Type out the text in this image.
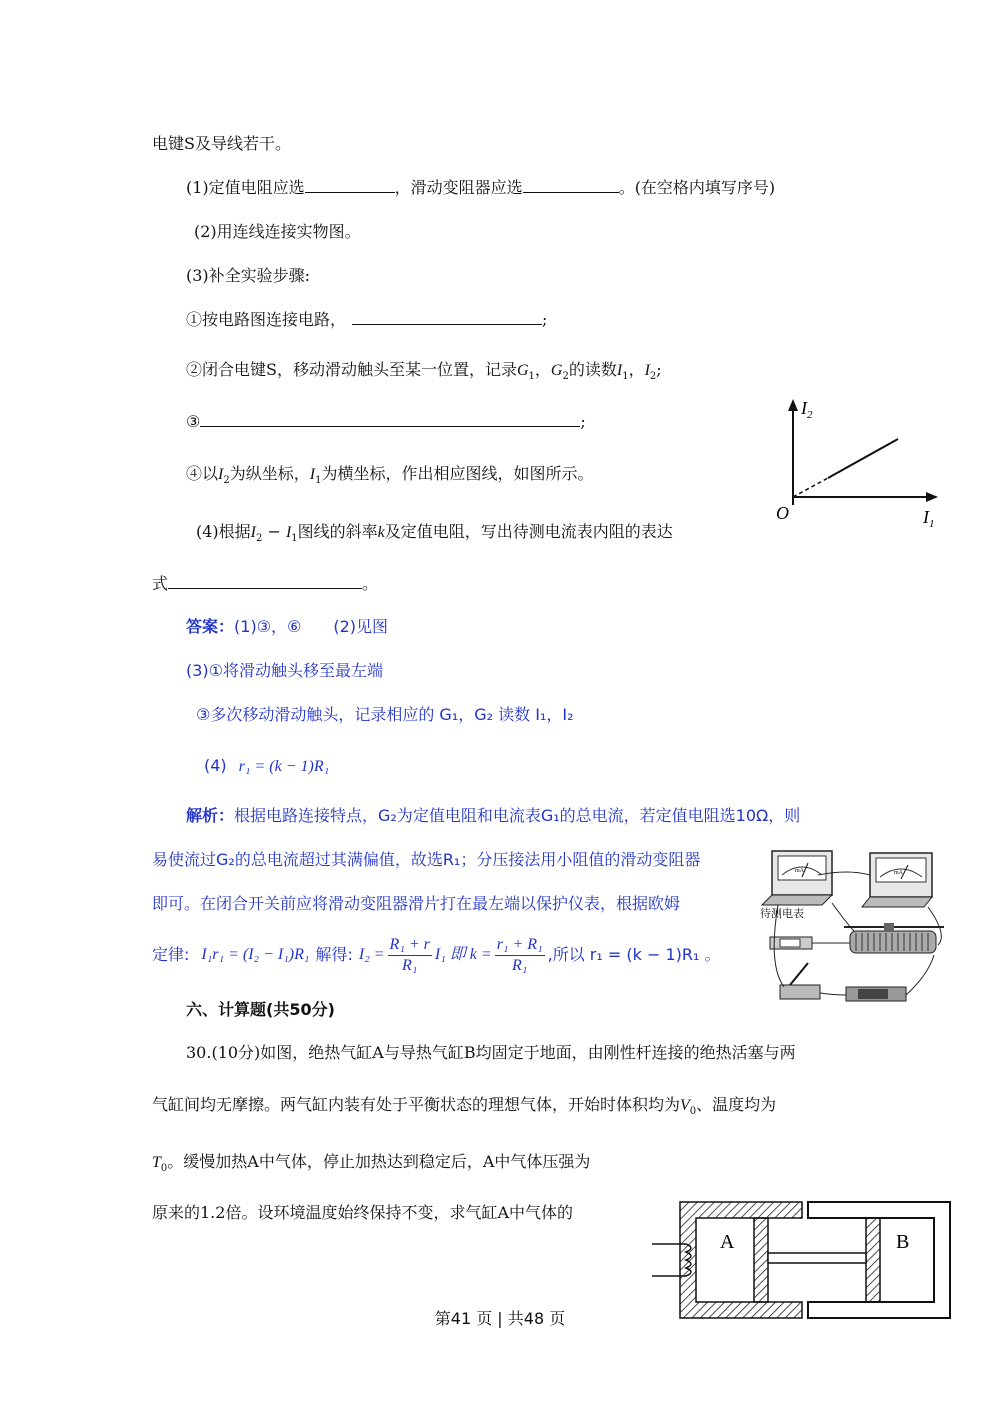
电键S及导线若干。
(1)定值电阻应选	，滑动变阻器应选	。(在空格内填写序号)
(2)用连线连接实物图。
(3)补全实验步骤:
①按电路图连接电路，	;
②闭合电键S，移动滑动触头至某一位置，记录$G_1$，$G_2$的读数$I_1$，$I_2$;
③	;
④以$I_2$为纵坐标，$I_1$为横坐标，作出相应图线，如图所示。
(4)根据$I_2 - I_1$图线的斜率k及定值电阻，写出待测电流表内阻的表达
式	。
$I_2$
$I_1$
O
答案：(1)③，⑥ (2)见图
(3)①将滑动触头移至最左端
③多次移动滑动触头，记录相应的 G₁，G₂ 读数 I₁，I₂
(4) r₁ = (k − 1)R₁
解析：根据电路连接特点，G₂为定值电阻和电流表G₁的总电流，若定值电阻选10Ω，则
易使流过G₂的总电流超过其满偏值，故选R₁；分压接法用小阻值的滑动变阻器
即可。在闭合开关前应将滑动变阻器滑片打在最左端以保护仪表，根据欧姆
定律: I₁r₁ = (I₂ − I₁)R₁ 解得: $I_2 = \frac{\text{R₁ + r}}{\text{R₁}} I_1$ 即 $k = \frac{\text{r₁ + R₁}}{\text{R₁}}$ ,所以 r₁ = (k − 1)R₁ 。
mA	mA
待测电表
六、计算题(共50分)
30.(10分)如图，绝热气缸A与导热气缸B均固定于地面，由刚性杆连接的绝热活塞与两
气缸间均无摩擦。两气缸内装有处于平衡状态的理想气体，开始时体积均为$V_0$、温度均为
$T_0$。缓慢加热A中气体，停止加热达到稳定后，A中气体压强为
原来的1.2倍。设环境温度始终保持不变，求气缸A中气体的
A	B
第41 页 | 共48 页
